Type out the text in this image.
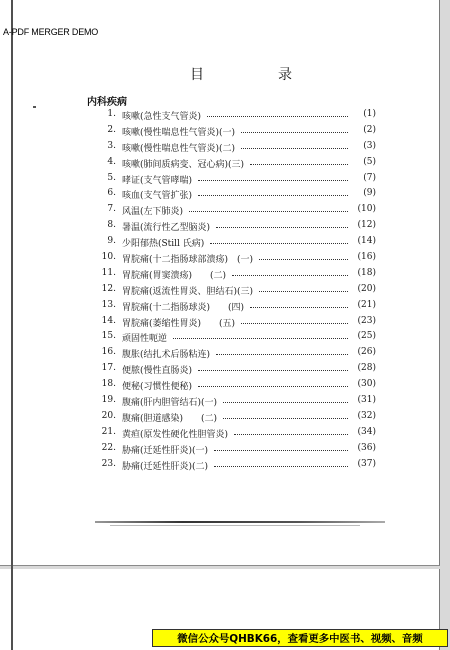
A-PDF MERGER DEMO
目　录
内科疾病
1. 咳嗽(急性支气管炎)	(1)
2. 咳嗽(慢性喘息性气管炎)(一)	(2)
3. 咳嗽(慢性喘息性气管炎)(二)	(3)
4. 咳嗽(肺间质病变、冠心病)(三)	(5)
5. 哮证(支气管哮喘)	(7)
6. 咳血(支气管扩张)	(9)
7. 风温(左下肺炎)	(10)
8. 暑温(流行性乙型脑炎)	(12)
9. 少阳郁热(Still 氏病)	(14)
10. 胃脘痛(十二指肠球部溃疡)　(一)	(16)
11. 胃脘痛(胃窦溃疡)　　(二)	(18)
12. 胃脘痛(返流性胃炎、胆结石)(三)	(20)
13. 胃脘痛(十二指肠球炎)　　(四)	(21)
14. 胃脘痛(萎缩性胃炎)　　(五)	(23)
15. 顽固性呃逆	(25)
16. 腹胀(结扎术后肠粘连)	(26)
17. 便脓(慢性直肠炎)	(28)
18. 便秘(习惯性便秘)	(30)
19. 腹痛(肝内胆管结石)(一)	(31)
20. 腹痛(胆道感染)　　(二)	(32)
21. 黄疸(原发性硬化性胆管炎)	(34)
22. 胁痛(迁延性肝炎)(一)	(36)
23. 胁痛(迁延性肝炎)(二)	(37)
微信公众号QHBK66，查看更多中医书、视频、音频
